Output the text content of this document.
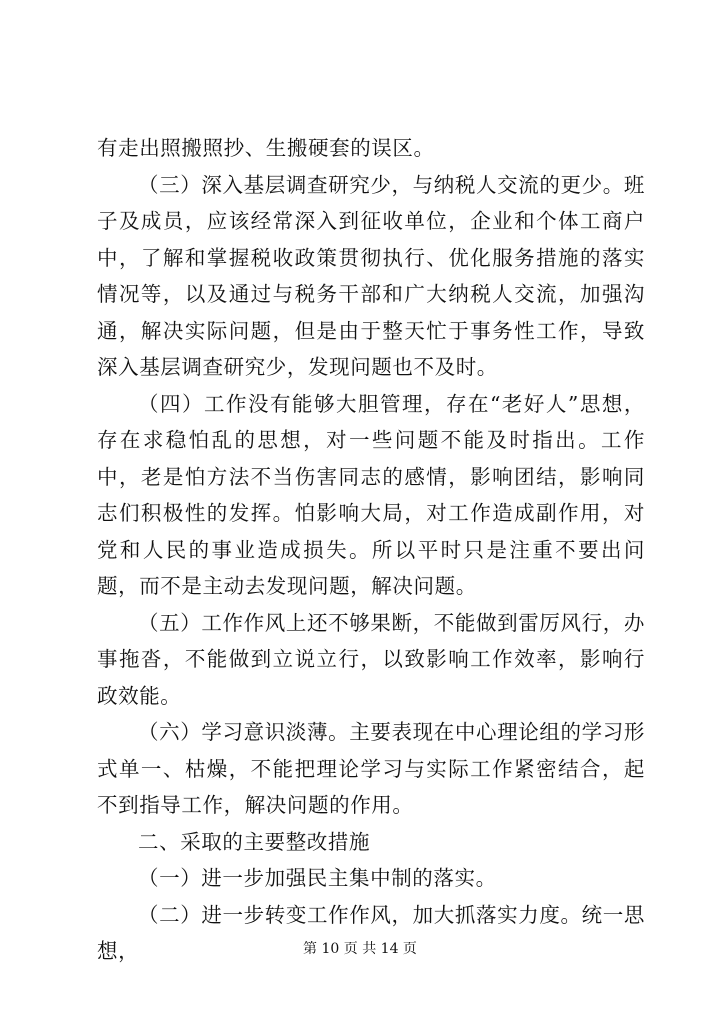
有走出照搬照抄、生搬硬套的误区。

（三）深入基层调查研究少，与纳税人交流的更少。班子及成员，应该经常深入到征收单位，企业和个体工商户中，了解和掌握税收政策贯彻执行、优化服务措施的落实情况等，以及通过与税务干部和广大纳税人交流，加强沟通，解决实际问题，但是由于整天忙于事务性工作，导致深入基层调查研究少，发现问题也不及时。

（四）工作没有能够大胆管理，存在“老好人”思想，存在求稳怕乱的思想，对一些问题不能及时指出。工作中，老是怕方法不当伤害同志的感情，影响团结，影响同志们积极性的发挥。怕影响大局，对工作造成副作用，对党和人民的事业造成损失。所以平时只是注重不要出问题，而不是主动去发现问题，解决问题。

（五）工作作风上还不够果断，不能做到雷厉风行，办事拖沓，不能做到立说立行，以致影响工作效率，影响行政效能。

（六）学习意识淡薄。主要表现在中心理论组的学习形式单一、枯燥，不能把理论学习与实际工作紧密结合，起不到指导工作，解决问题的作用。

二、采取的主要整改措施

（一）进一步加强民主集中制的落实。

（二）进一步转变工作作风，加大抓落实力度。统一思想，	第 10 页 共 14 页
